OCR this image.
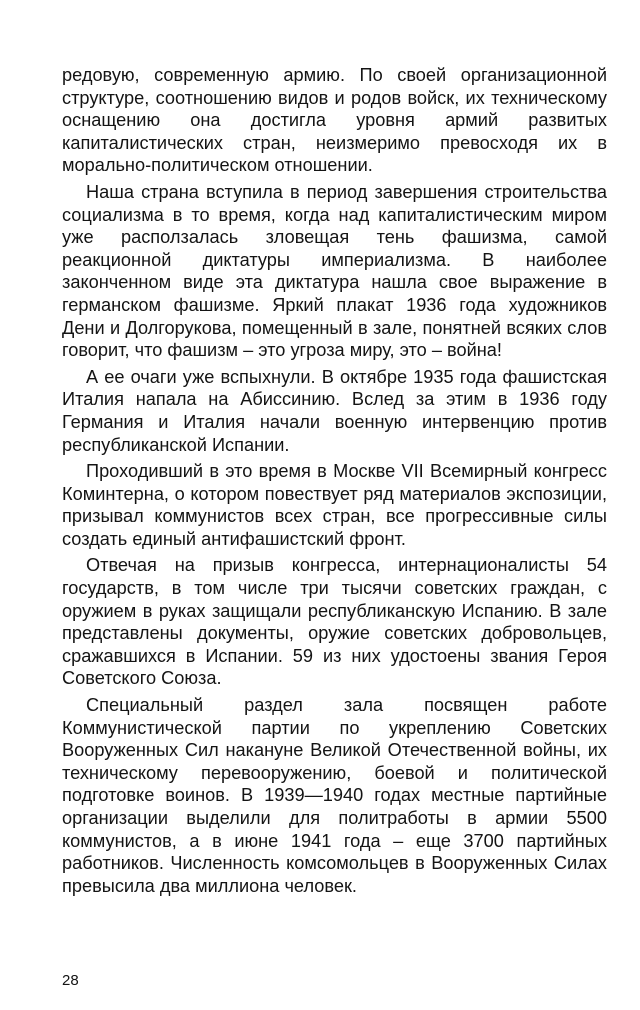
редовую, современную армию. По своей организационной структуре, соотношению видов и родов войск, их техническому оснащению она достигла уровня армий развитых капиталистических стран, неизмеримо превосходя их в морально-политическом отношении.

Наша страна вступила в период завершения строительства социализма в то время, когда над капиталистическим миром уже расползалась зловещая тень фашизма, самой реакционной диктатуры империализма. В наиболее законченном виде эта диктатура нашла свое выражение в германском фашизме. Яркий плакат 1936 года художников Дени и Долгорукова, помещенный в зале, понятней всяких слов говорит, что фашизм – это угроза миру, это – война!

А ее очаги уже вспыхнули. В октябре 1935 года фашистская Италия напала на Абиссинию. Вслед за этим в 1936 году Германия и Италия начали военную интервенцию против республиканской Испании.

Проходивший в это время в Москве VII Всемирный конгресс Коминтерна, о котором повествует ряд материалов экспозиции, призывал коммунистов всех стран, все прогрессивные силы создать единый антифашистский фронт.

Отвечая на призыв конгресса, интернационалисты 54 государств, в том числе три тысячи советских граждан, с оружием в руках защищали республиканскую Испанию. В зале представлены документы, оружие советских добровольцев, сражавшихся в Испании. 59 из них удостоены звания Героя Советского Союза.

Специальный раздел зала посвящен работе Коммунистической партии по укреплению Советских Вооруженных Сил накануне Великой Отечественной войны, их техническому перевооружению, боевой и политической подготовке воинов. В 1939—1940 годах местные партийные организации выделили для политработы в армии 5500 коммунистов, а в июне 1941 года – еще 3700 партийных работников. Численность комсомольцев в Вооруженных Силах превысила два миллиона человек.

28
